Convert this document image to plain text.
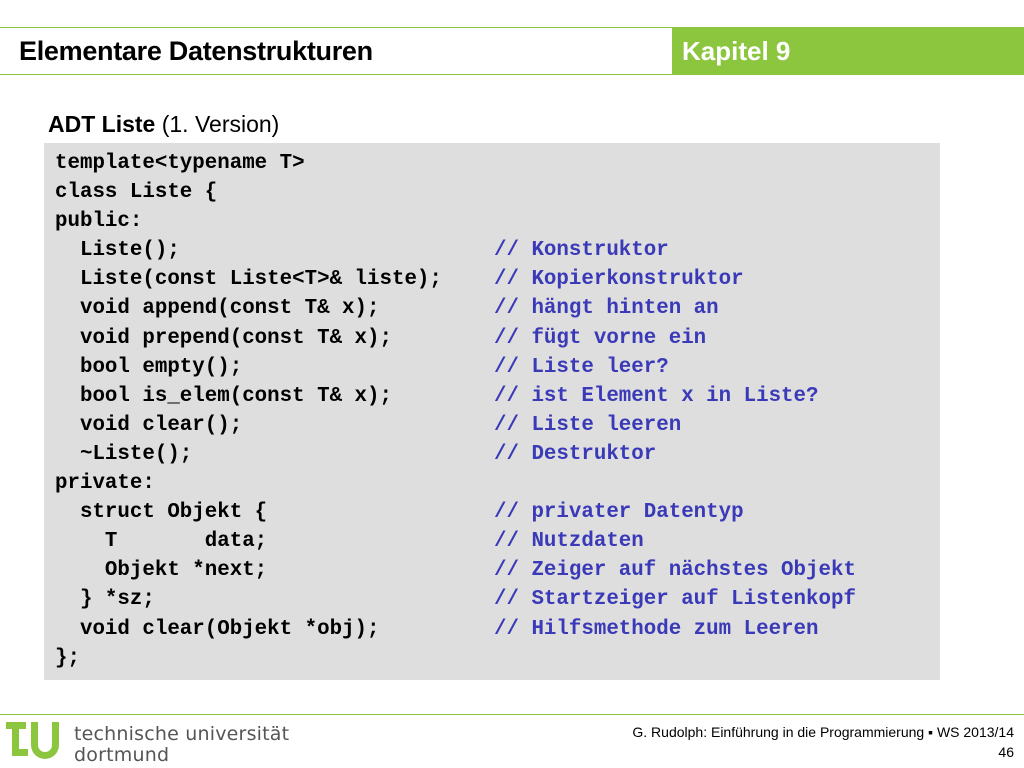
Elementare Datenstrukturen	Kapitel 9
ADT Liste (1. Version)
template<typename T>
class Liste {
public:
Liste();	// Konstruktor
Liste(const Liste<T>& liste);	// Kopierkonstruktor
void append(const T& x);	// hängt hinten an
void prepend(const T& x);	// fügt vorne ein
bool empty();	// Liste leer?
bool is_elem(const T& x);	// ist Element x in Liste?
void clear();	// Liste leeren
~Liste();	// Destruktor
private:
struct Objekt {	// privater Datentyp
T       data;	// Nutzdaten
Objekt *next;	// Zeiger auf nächstes Objekt
} *sz;	// Startzeiger auf Listenkopf
void clear(Objekt *obj);	// Hilfsmethode zum Leeren
};
technische universität
dortmund
G. Rudolph: Einführung in die Programmierung ▪ WS 2013/14
46
